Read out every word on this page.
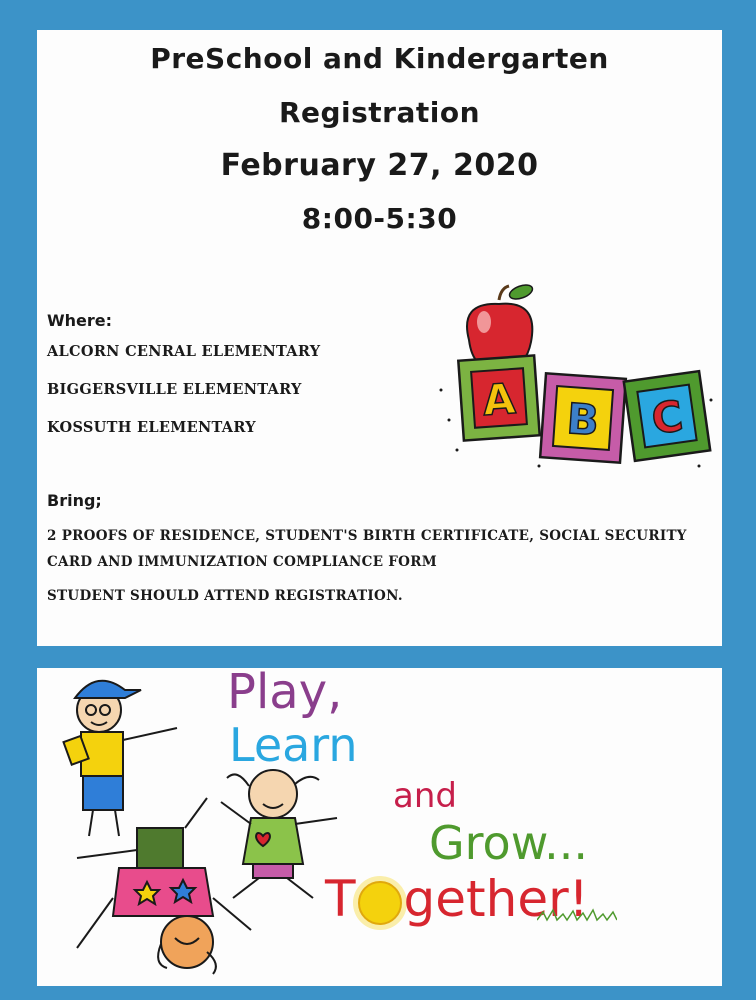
PreSchool and Kindergarten
Registration
February 27, 2020
8:00-5:30
Where:
ALCORN CENRAL ELEMENTARY
BIGGERSVILLE ELEMENTARY
KOSSUTH ELEMENTARY
Bring;
2 PROOFS OF RESIDENCE, STUDENT'S BIRTH CERTIFICATE, SOCIAL SECURITY
CARD AND IMMUNIZATION COMPLIANCE FORM
STUDENT SHOULD ATTEND REGISTRATION.
A B C
Play,
Learn
and
Grow...
T gether!
